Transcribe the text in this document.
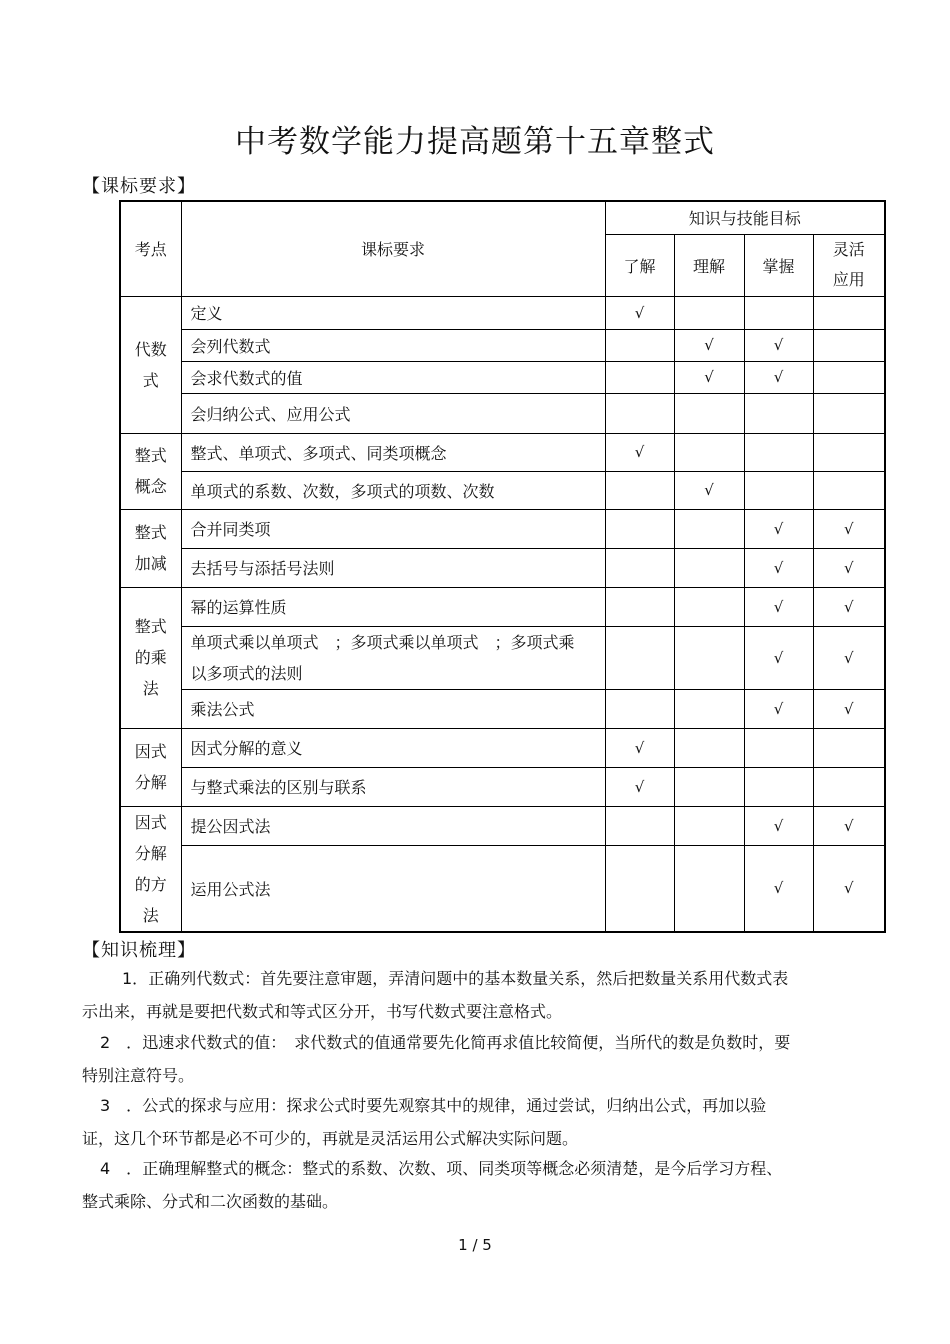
中考数学能力提高题第十五章整式
【课标要求】
考点	课标要求	知识与技能目标			
		了解	理解	掌握	灵活应用
代数式	定义	√			
	会列代数式		√	√	
	会求代数式的值		√	√	
	会归纳公式、应用公式				
整式概念	整式、单项式、多项式、同类项概念	√			
	单项式的系数、次数，多项式的项数、次数		√		
整式加减	合并同类项			√	√
	去括号与添括号法则			√	√
整式的乘法	幂的运算性质			√	√
	单项式乘以单项式　；多项式乘以单项式　；多项式乘以多项式的法则			√	√
	乘法公式			√	√
因式分解	因式分解的意义	√			
	与整式乘法的区别与联系	√			
因式分解的方法	提公因式法			√	√
	运用公式法			√	√
【知识梳理】
1．正确列代数式：首先要注意审题，弄清问题中的基本数量关系，然后把数量关系用代数式表示出来，再就是要把代数式和等式区分开，书写代数式要注意格式。
2　．迅速求代数式的值：　求代数式的值通常要先化简再求值比较简便，当所代的数是负数时，要特别注意符号。
3　．公式的探求与应用：探求公式时要先观察其中的规律，通过尝试，归纳出公式，再加以验证，这几个环节都是必不可少的，再就是灵活运用公式解决实际问题。
4　．正确理解整式的概念：整式的系数、次数、项、同类项等概念必须清楚，是今后学习方程、整式乘除、分式和二次函数的基础。
1 / 5
